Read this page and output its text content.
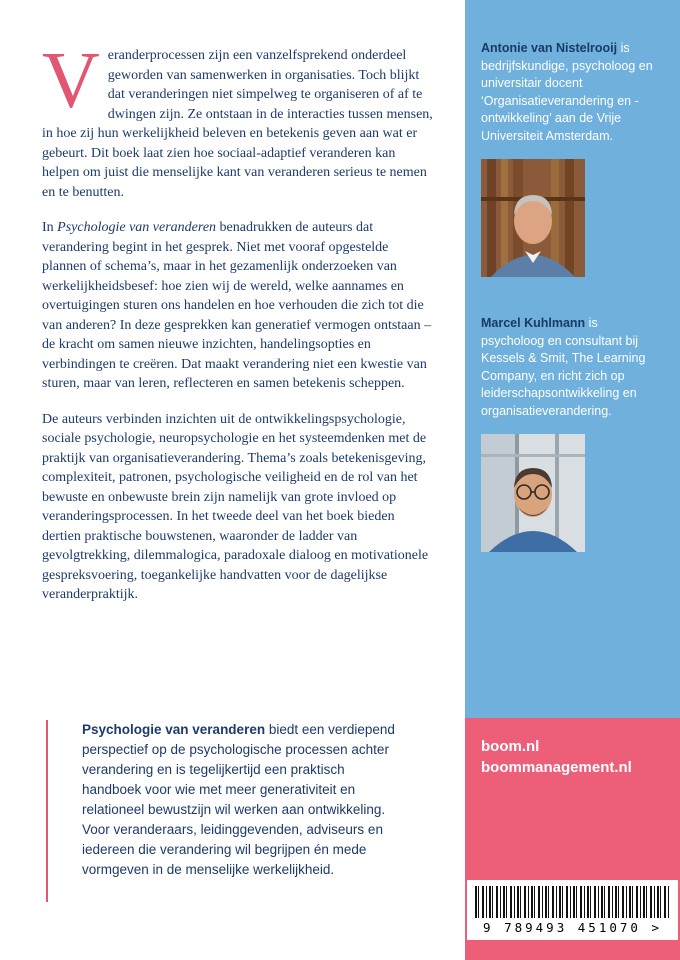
Veranderprocessen zijn een vanzelfsprekend onderdeel geworden van samenwerken in organisaties. Toch blijkt dat veranderingen niet simpelweg te organiseren of af te dwingen zijn. Ze ontstaan in de interacties tussen mensen, in hoe zij hun werkelijkheid beleven en betekenis geven aan wat er gebeurt. Dit boek laat zien hoe sociaal-adaptief veranderen kan helpen om juist die menselijke kant van veranderen serieus te nemen en te benutten.

In Psychologie van veranderen benadrukken de auteurs dat verandering begint in het gesprek. Niet met vooraf opgestelde plannen of schema’s, maar in het gezamenlijk onderzoeken van werkelijkheidsbesef: hoe zien wij de wereld, welke aannames en overtuigingen sturen ons handelen en hoe verhouden die zich tot die van anderen? In deze gesprekken kan generatief vermogen ontstaan – de kracht om samen nieuwe inzichten, handelingsopties en verbindingen te creëren. Dat maakt verandering niet een kwestie van sturen, maar van leren, reflecteren en samen betekenis scheppen.

De auteurs verbinden inzichten uit de ontwikkelingspsychologie, sociale psychologie, neuropsychologie en het systeemdenken met de praktijk van organisatieverandering. Thema’s zoals betekenisgeving, complexiteit, patronen, psychologische veiligheid en de rol van het bewuste en onbewuste brein zijn namelijk van grote invloed op veranderingsprocessen. In het tweede deel van het boek bieden dertien praktische bouwstenen, waaronder de ladder van gevolgtrekking, dilemmalogica, paradoxale dialoog en motivationele gespreksvoering, toegankelijke handvatten voor de dagelijkse veranderpraktijk.

Psychologie van veranderen biedt een verdiepend perspectief op de psychologische processen achter verandering en is tegelijkertijd een praktisch handboek voor wie met meer generativiteit en relationeel bewustzijn wil werken aan ontwikkeling. Voor veranderaars, leidinggevenden, adviseurs en iedereen die verandering wil begrijpen én mede vormgeven in de menselijke werkelijkheid.

Antonie van Nistelrooij is bedrijfskundige, psycholoog en universitair docent ‘Organisatieverandering en -ontwikkeling’ aan de Vrije Universiteit Amsterdam.

Marcel Kuhlmann is psycholoog en consultant bij Kessels & Smit, The Learning Company, en richt zich op leiderschapsontwikkeling en organisatieverandering.

boom.nl

boommanagement.nl

9 789493 451070 >
